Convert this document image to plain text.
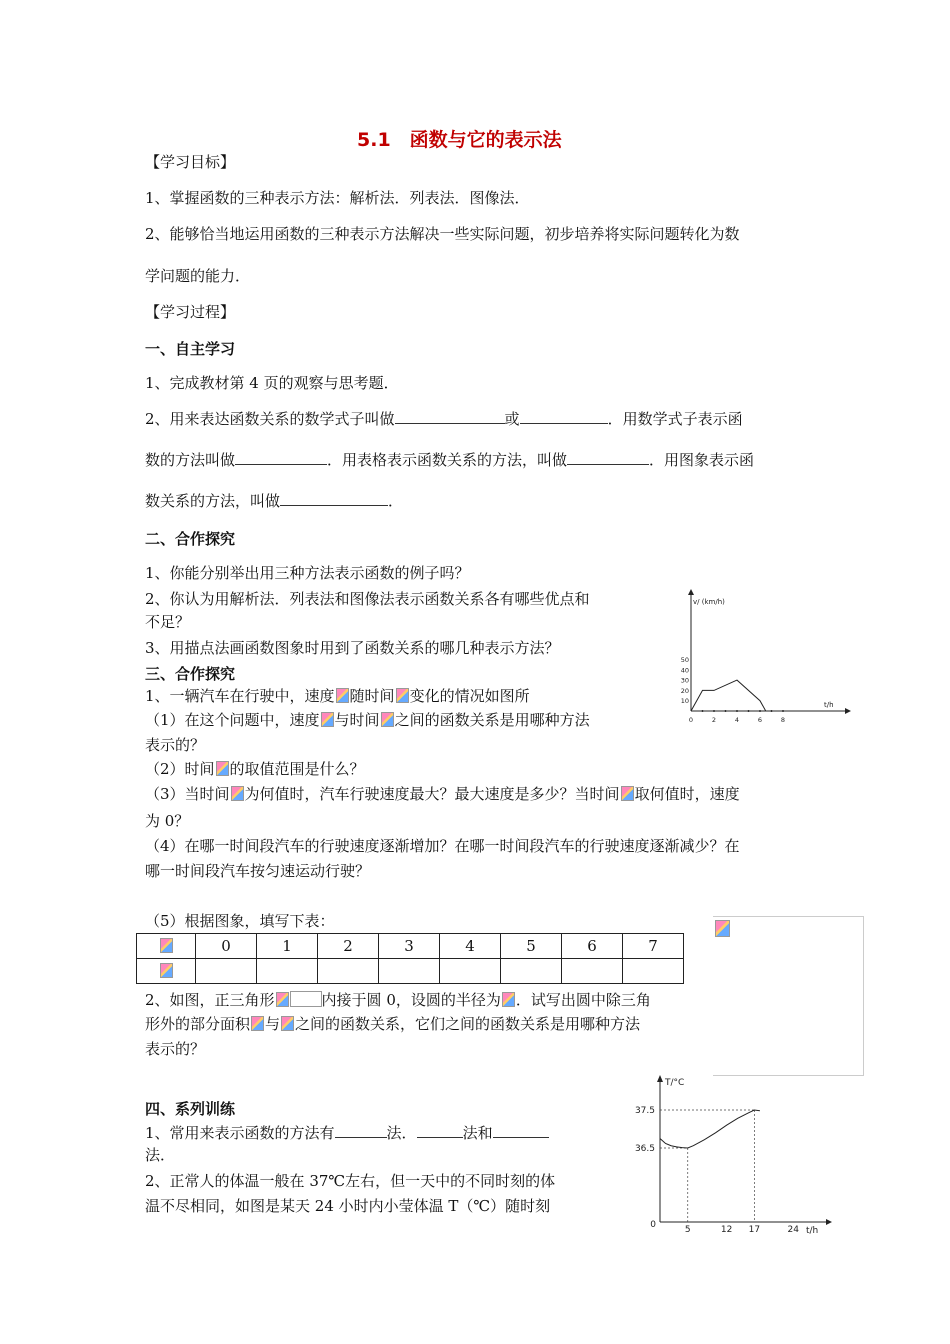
5.1　函数与它的表示法
【学习目标】
1、掌握函数的三种表示方法：解析法．列表法．图像法．
2、能够恰当地运用函数的三种表示方法解决一些实际问题，初步培养将实际问题转化为数
学问题的能力．
【学习过程】
一、自主学习
1、完成教材第 4 页的观察与思考题．
2、用来表达函数关系的数学式子叫做	或	．用数学式子表示函
数的方法叫做	．用表格表示函数关系的方法，叫做	．用图象表示函
数关系的方法，叫做	．
二、合作探究
1、你能分别举出用三种方法表示函数的例子吗？
2、你认为用解析法．列表法和图像法表示函数关系各有哪些优点和
不足？
3、用描点法画函数图象时用到了函数关系的哪几种表示方法？
三、合作探究
1、一辆汽车在行驶中，速度 随时间 变化的情况如图所
（1）在这个问题中，速度 与时间 之间的函数关系是用哪种方法
表示的？
（2）时间 的取值范围是什么？
（3）当时间 为何值时，汽车行驶速度最大？最大速度是多少？当时间 取何值时，速度
为 0？
（4）在哪一时间段汽车的行驶速度逐渐增加？在哪一时间段汽车的行驶速度逐渐减少？在
哪一时间段汽车按匀速运动行驶？
（5）根据图象，填写下表：
	0	1	2	3	4	5	6	7

2、如图，正三角形	内接于圆 0，设圆的半径为 ．试写出圆中除三角
形外的部分面积 与 之间的函数关系，它们之间的函数关系是用哪种方法
表示的？
四、系列训练
1、常用来表示函数的方法有	法．	法和
法．
2、正常人的体温一般在 37℃左右，但一天中的不同时刻的体
温不尽相同，如图是某天 24 小时内小莹体温 T（℃）随时刻
v/ (km/h)
t/h
10
20
30
40
50
0	2	4	6	8
T/°C
t/h
0	5	12 17	24
36.5
37.5
